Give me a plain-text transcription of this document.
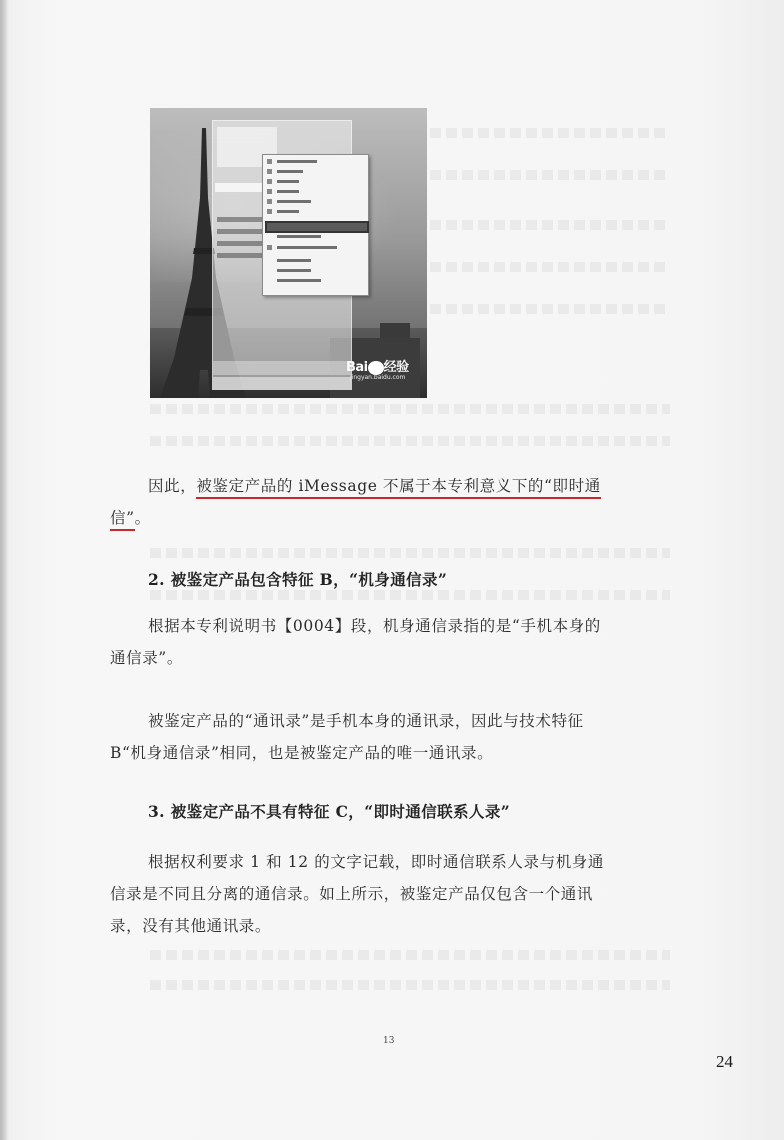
Bai 经验
jingyan.baidu.com
因此，被鉴定产品的 iMessage 不属于本专利意义下的“即时通
信”。
2. 被鉴定产品包含特征 B，“机身通信录”
根据本专利说明书【0004】段，机身通信录指的是“手机本身的
通信录”。
被鉴定产品的“通讯录”是手机本身的通讯录，因此与技术特征
B“机身通信录”相同，也是被鉴定产品的唯一通讯录。
3. 被鉴定产品不具有特征 C，“即时通信联系人录”
根据权利要求 1 和 12 的文字记载，即时通信联系人录与机身通
信录是不同且分离的通信录。如上所示，被鉴定产品仅包含一个通讯
录，没有其他通讯录。
13
24
